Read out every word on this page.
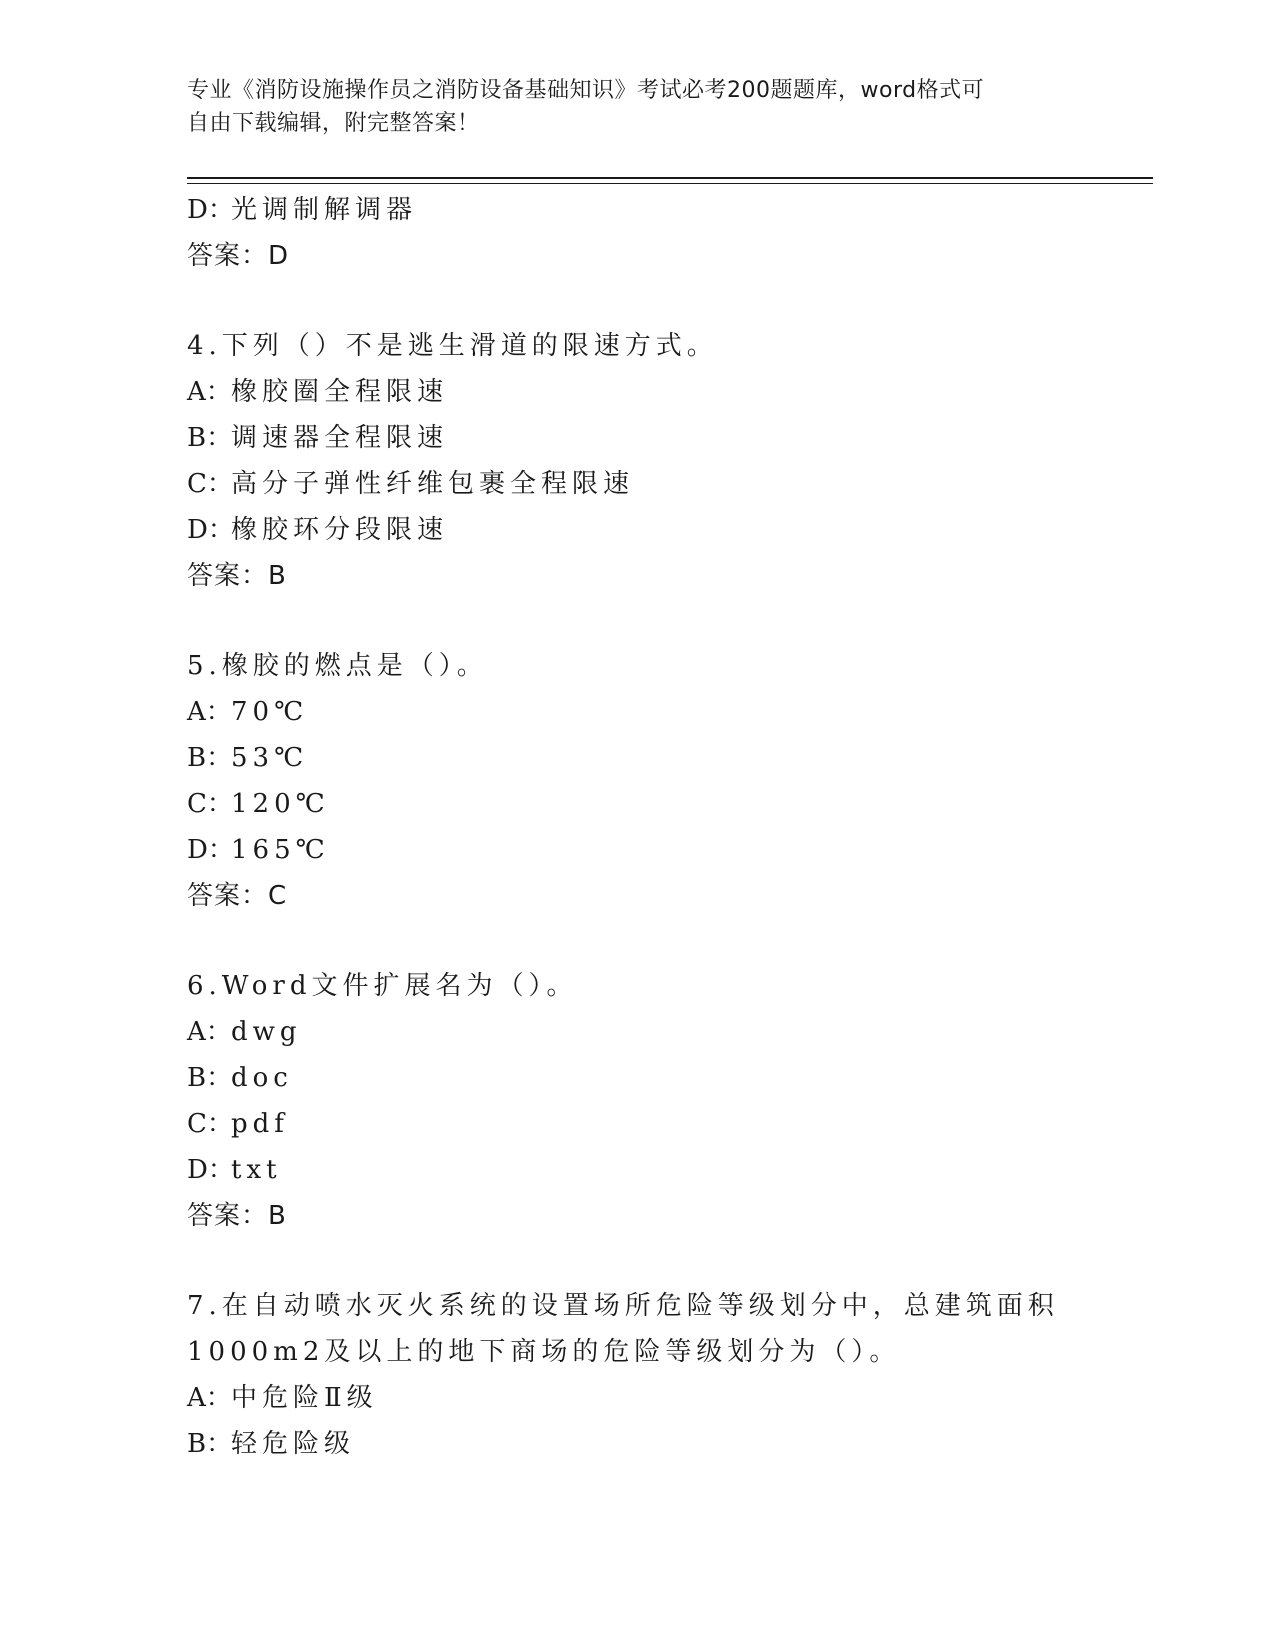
专业《消防设施操作员之消防设备基础知识》考试必考200题题库，word格式可
自由下载编辑，附完整答案！
D：光调制解调器
答案：D
4.下列（）不是逃生滑道的限速方式。
A：橡胶圈全程限速
B：调速器全程限速
C：高分子弹性纤维包裹全程限速
D：橡胶环分段限速
答案：B
5.橡胶的燃点是（）。
A：70℃
B：53℃
C：120℃
D：165℃
答案：C
6.Word文件扩展名为（）。
A：dwg
B：doc
C：pdf
D：txt
答案：B
7.在自动喷水灭火系统的设置场所危险等级划分中，总建筑面积
1000m2及以上的地下商场的危险等级划分为（）。
A：中危险Ⅱ级
B：轻危险级
